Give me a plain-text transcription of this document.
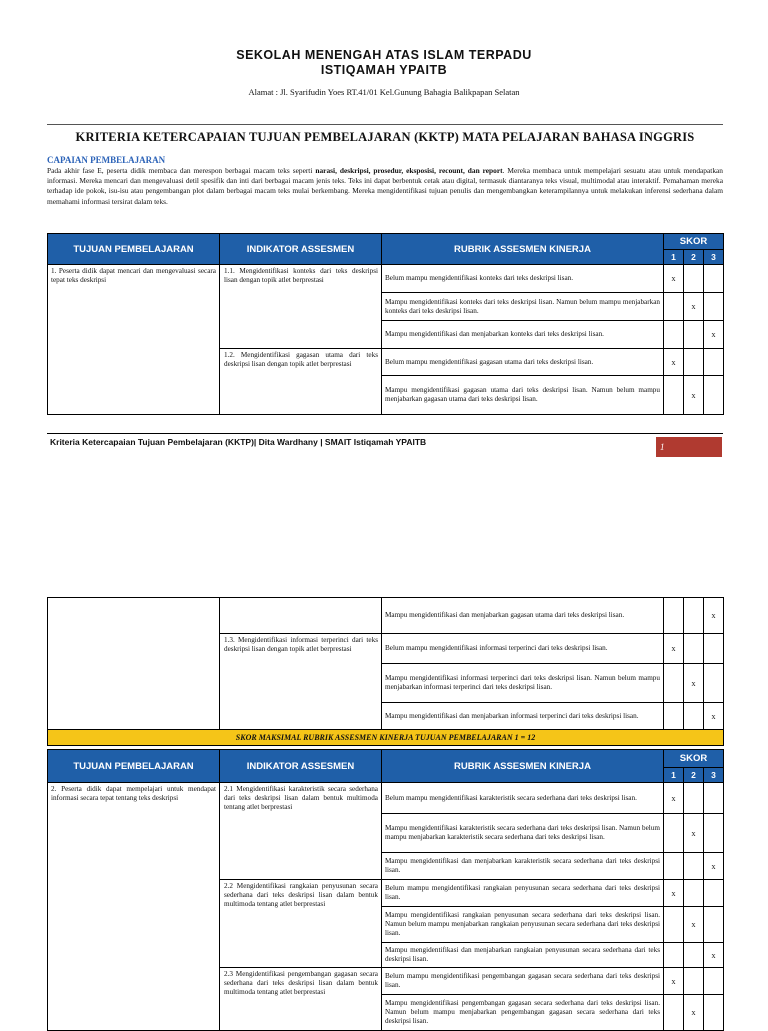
SEKOLAH MENENGAH ATAS ISLAM TERPADU
ISTIQAMAH YPAITB
Alamat : Jl. Syarifudin Yoes RT.41/01 Kel.Gunung Bahagia Balikpapan Selatan
KRITERIA KETERCAPAIAN TUJUAN PEMBELAJARAN (KKTP) MATA PELAJARAN BAHASA INGGRIS
CAPAIAN PEMBELAJARAN
Pada akhir fase E, peserta didik membaca dan merespon berbagai macam teks seperti narasi, deskripsi, prosedur, eksposisi, recount, dan report. Mereka membaca untuk mempelajari sesuatu atau untuk mendapatkan informasi. Mereka mencari dan mengevaluasi detil spesifik dan inti dari berbagai macam jenis teks. Teks ini dapat berbentuk cetak atau digital, termasuk diantaranya teks visual, multimodal atau interaktif. Pemahaman mereka terhadap ide pokok, isu-isu atau pengembangan plot dalam berbagai macam teks mulai berkembang. Mereka mengidentifikasi tujuan penulis dan mengembangkan keterampilannya untuk melakukan inferensi sederhana dalam memahami informasi tersirat dalam teks.
TUJUAN PEMBELAJARAN	INDIKATOR ASSESMEN	RUBRIK ASSESMEN KINERJA	SKOR		
			1	2	3
1. Peserta didik dapat mencari dan mengevaluasi secara tepat teks deskripsi	1.1. Mengidentifikasi konteks dari teks deskripsi lisan dengan topik atlet berprestasi	Belum mampu mengidentifikasi konteks dari teks deskripsi lisan.	x		
		Mampu mengidentifikasi konteks dari teks deskripsi lisan. Namun belum mampu menjabarkan konteks dari teks deskripsi lisan.		x	
		Mampu mengidentifikasi dan menjabarkan konteks dari teks deskripsi lisan.			x
	1.2. Mengidentifikasi gagasan utama dari teks deskripsi lisan dengan topik atlet berprestasi	Belum mampu mengidentifikasi gagasan utama dari teks deskripsi lisan.	x		
		Mampu mengidentifikasi gagasan utama dari teks deskripsi lisan. Namun belum mampu menjabarkan gagasan utama dari teks deskripsi lisan.		x	
Kriteria Ketercapaian Tujuan Pembelajaran (KKTP)| Dita Wardhany | SMAIT Istiqamah YPAITB	1
		Mampu mengidentifikasi dan menjabarkan gagasan utama dari teks deskripsi lisan.			x
	1.3. Mengidentifikasi informasi terperinci dari teks deskripsi lisan dengan topik atlet berprestasi	Belum mampu mengidentifikasi informasi terperinci dari teks deskripsi lisan.	x		
		Mampu mengidentifikasi informasi terperinci dari teks deskripsi lisan. Namun belum mampu menjabarkan informasi terperinci dari teks deskripsi lisan.		x	
		Mampu mengidentifikasi dan menjabarkan informasi terperinci dari teks deskripsi lisan.			x
SKOR MAKSIMAL RUBRIK ASSESMEN KINERJA TUJUAN PEMBELAJARAN 1 = 12					
TUJUAN PEMBELAJARAN	INDIKATOR ASSESMEN	RUBRIK ASSESMEN KINERJA	SKOR		
			1	2	3
2. Peserta didik dapat mempelajari untuk mendapat informasi secara tepat tentang teks deskripsi	2.1 Mengidentifikasi karakteristik secara sederhana dari teks deskripsi lisan dalam bentuk multimoda tentang atlet berprestasi	Belum mampu mengidentifikasi karakteristik secara sederhana dari teks deskripsi lisan.	x		
		Mampu mengidentifikasi karakteristik secara sederhana dari teks deskripsi lisan. Namun belum mampu menjabarkan karakteristik secara sederhana dari teks deskripsi lisan.		x	
		Mampu mengidentifikasi dan menjabarkan karakteristik secara sederhana dari teks deskripsi lisan.			x
	2.2 Mengidentifikasi rangkaian penyusunan secara sederhana dari teks deskripsi lisan dalam bentuk multimoda tentang atlet berprestasi	Belum mampu mengidentifikasi rangkaian penyusunan secara sederhana dari teks deskripsi lisan.	x		
		Mampu mengidentifikasi rangkaian penyusunan secara sederhana dari teks deskripsi lisan. Namun belum mampu menjabarkan rangkaian penyusunan secara sederhana dari teks deskripsi lisan.		x	
		Mampu mengidentifikasi dan menjabarkan rangkaian penyusunan secara sederhana dari teks deskripsi lisan.			x
	2.3 Mengidentifikasi pengembangan gagasan secara sederhana dari teks deskripsi lisan dalam bentuk multimoda tentang atlet berprestasi	Belum mampu mengidentifikasi pengembangan gagasan secara sederhana dari teks deskripsi lisan.	x		
		Mampu mengidentifikasi pengembangan gagasan secara sederhana dari teks deskripsi lisan. Namun belum mampu menjabarkan pengembangan gagasan secara sederhana dari teks deskripsi lisan.		x	
